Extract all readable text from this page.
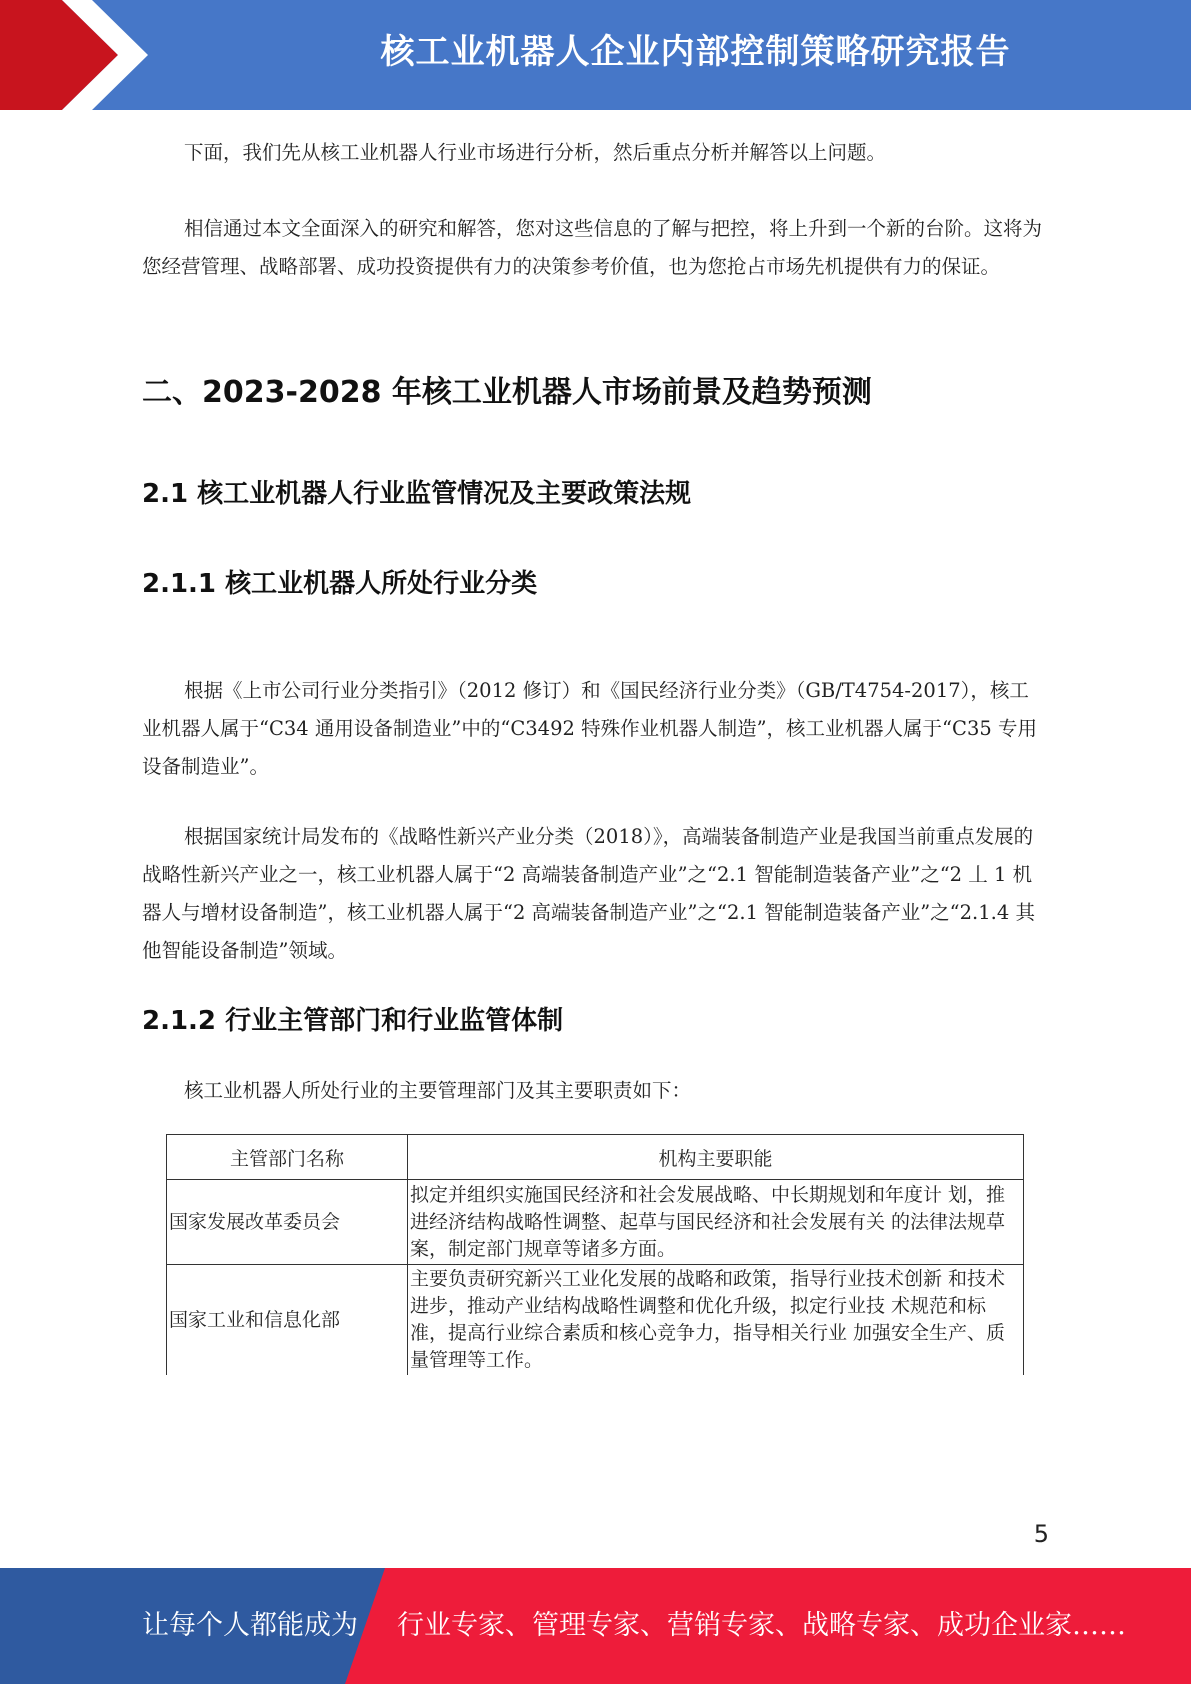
核工业机器人企业内部控制策略研究报告
下面，我们先从核工业机器人行业市场进行分析，然后重点分析并解答以上问题。
相信通过本文全面深入的研究和解答，您对这些信息的了解与把控，将上升到一个新的台阶。这将为您经营管理、战略部署、成功投资提供有力的决策参考价值，也为您抢占市场先机提供有力的保证。
二、2023-2028 年核工业机器人市场前景及趋势预测
2.1 核工业机器人行业监管情况及主要政策法规
2.1.1 核工业机器人所处行业分类
根据《上市公司行业分类指引》（2012 修订）和《国民经济行业分类》（GB/T4754-2017），核工业机器人属于“C34 通用设备制造业”中的“C3492 特殊作业机器人制造”，核工业机器人属于“C35 专用设备制造业”。
根据国家统计局发布的《战略性新兴产业分类（2018）》，高端装备制造产业是我国当前重点发展的战略性新兴产业之一，核工业机器人属于“2 高端装备制造产业”之“2.1 智能制造装备产业”之“2 丄 1 机器人与增材设备制造”，核工业机器人属于“2 高端装备制造产业”之“2.1 智能制造装备产业”之“2.1.4 其他智能设备制造”领域。
2.1.2 行业主管部门和行业监管体制
核工业机器人所处行业的主要管理部门及其主要职责如下：
主管部门名称	机构主要职能
国家发展改革委员会	拟定并组织实施国民经济和社会发展战略、中长期规划和年度计 划，推进经济结构战略性调整、起草与国民经济和社会发展有关 的法律法规草案，制定部门规章等诸多方面。
国家工业和信息化部	主要负责研究新兴工业化发展的战略和政策，指导行业技术创新 和技术进步，推动产业结构战略性调整和优化升级，拟定行业技 术规范和标准，提高行业综合素质和核心竞争力，指导相关行业 加强安全生产、质量管理等工作。
5
让每个人都能成为 行业专家、管理专家、营销专家、战略专家、成功企业家……
